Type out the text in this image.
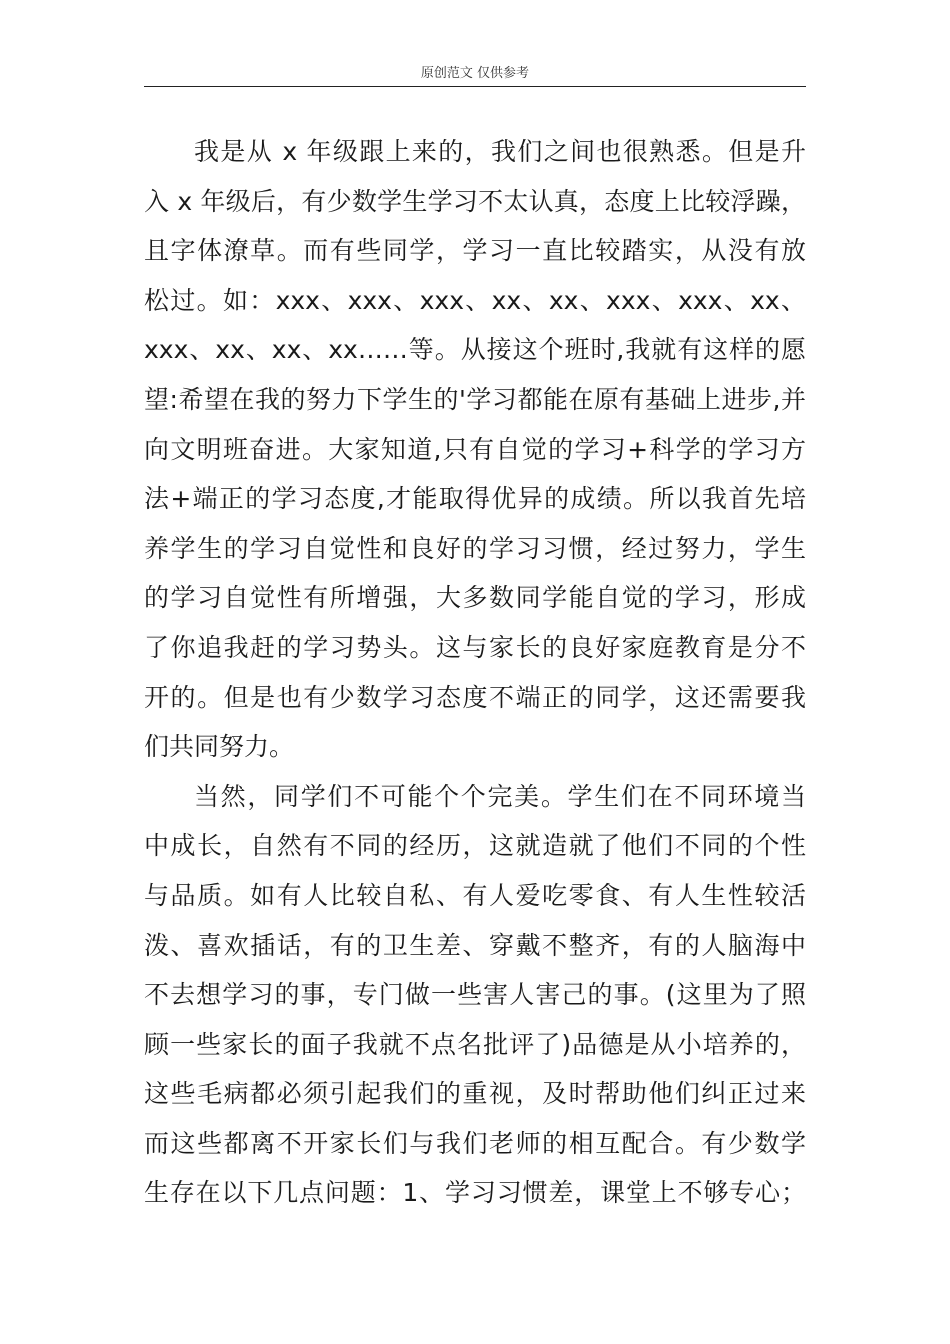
原创范文 仅供参考
我是从 x 年级跟上来的，我们之间也很熟悉。但是升
入 x 年级后，有少数学生学习不太认真，态度上比较浮躁，
且字体潦草。而有些同学，学习一直比较踏实，从没有放
松过。如：xxx、xxx、xxx、xx、xx、xxx、xxx、xx、
xxx、xx、xx、xx……等。从接这个班时,我就有这样的愿
望:希望在我的努力下学生的'学习都能在原有基础上进步,并
向文明班奋进。大家知道,只有自觉的学习+科学的学习方
法+端正的学习态度,才能取得优异的成绩。所以我首先培
养学生的学习自觉性和良好的学习习惯，经过努力，学生
的学习自觉性有所增强，大多数同学能自觉的学习，形成
了你追我赶的学习势头。这与家长的良好家庭教育是分不
开的。但是也有少数学习态度不端正的同学，这还需要我
们共同努力。
当然，同学们不可能个个完美。学生们在不同环境当
中成长，自然有不同的经历，这就造就了他们不同的个性
与品质。如有人比较自私、有人爱吃零食、有人生性较活
泼、喜欢插话，有的卫生差、穿戴不整齐，有的人脑海中
不去想学习的事，专门做一些害人害己的事。(这里为了照
顾一些家长的面子我就不点名批评了)品德是从小培养的，
这些毛病都必须引起我们的重视，及时帮助他们纠正过来
而这些都离不开家长们与我们老师的相互配合。有少数学
生存在以下几点问题：1、学习习惯差，课堂上不够专心；
